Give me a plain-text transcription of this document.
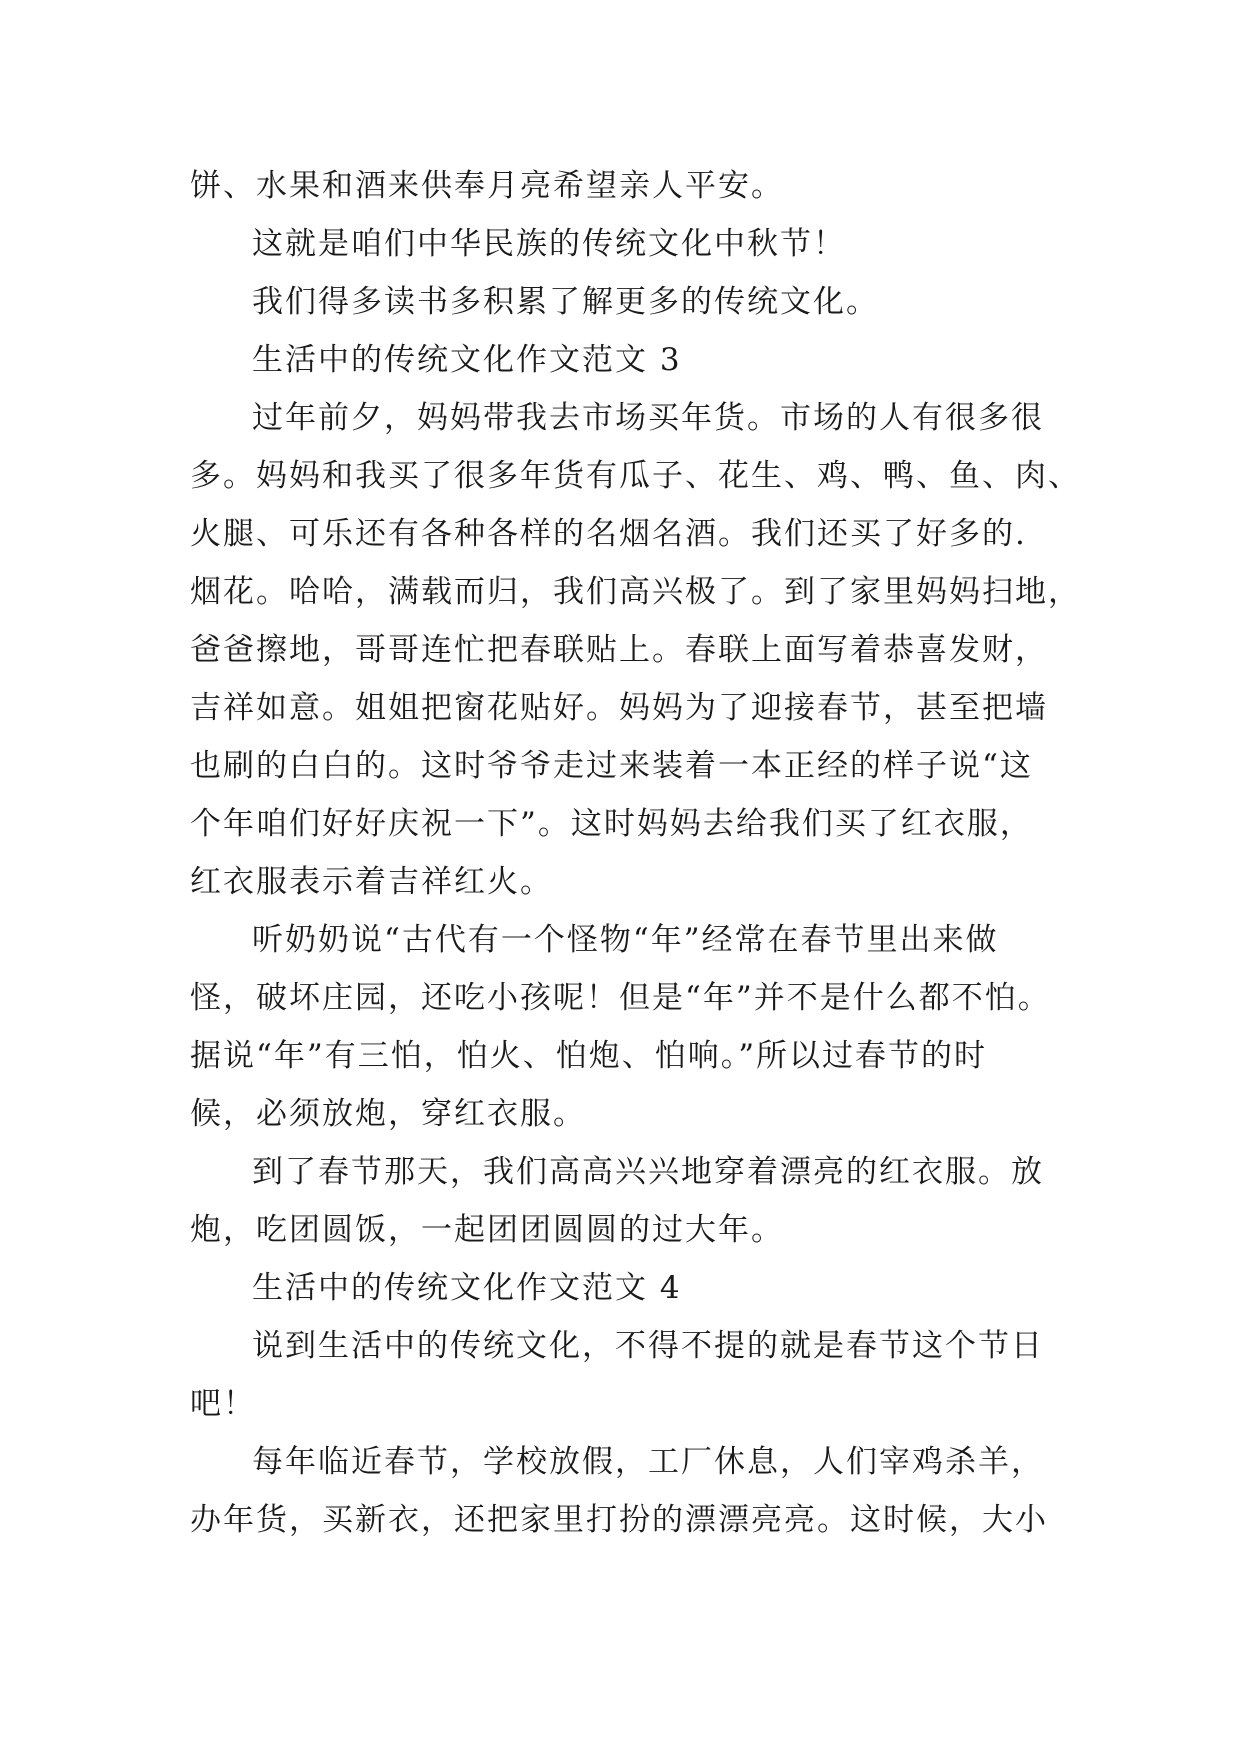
饼、水果和酒来供奉月亮希望亲人平安。
这就是咱们中华民族的传统文化中秋节！
我们得多读书多积累了解更多的传统文化。
生活中的传统文化作文范文 3
过年前夕，妈妈带我去市场买年货。市场的人有很多很
多。妈妈和我买了很多年货有瓜子、花生、鸡、鸭、鱼、肉、
火腿、可乐还有各种各样的名烟名酒。我们还买了好多的.
烟花。哈哈，满载而归，我们高兴极了。到了家里妈妈扫地，
爸爸擦地，哥哥连忙把春联贴上。春联上面写着恭喜发财，
吉祥如意。姐姐把窗花贴好。妈妈为了迎接春节，甚至把墙
也刷的白白的。这时爷爷走过来装着一本正经的样子说“这
个年咱们好好庆祝一下”。这时妈妈去给我们买了红衣服，
红衣服表示着吉祥红火。
听奶奶说“古代有一个怪物“年”经常在春节里出来做
怪，破坏庄园，还吃小孩呢！但是“年”并不是什么都不怕。
据说“年”有三怕，怕火、怕炮、怕响。”所以过春节的时
候，必须放炮，穿红衣服。
到了春节那天，我们高高兴兴地穿着漂亮的红衣服。放
炮，吃团圆饭，一起团团圆圆的过大年。
生活中的传统文化作文范文 4
说到生活中的传统文化，不得不提的就是春节这个节日
吧！
每年临近春节，学校放假，工厂休息，人们宰鸡杀羊，
办年货，买新衣，还把家里打扮的漂漂亮亮。这时候，大小
